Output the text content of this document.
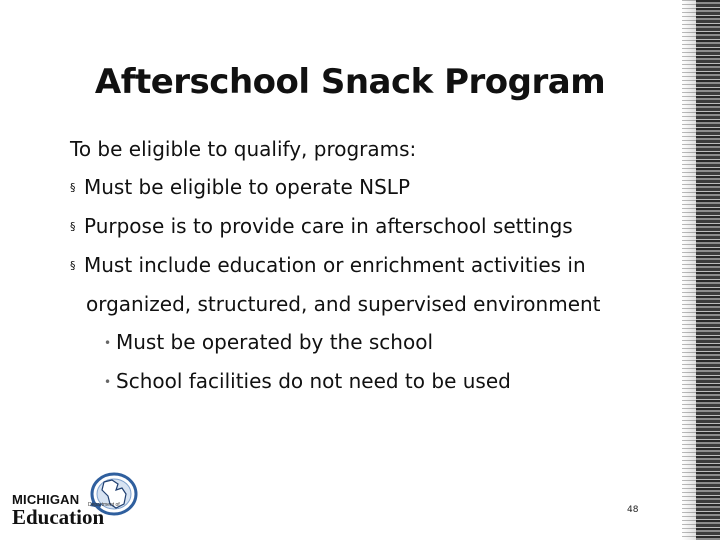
Afterschool Snack Program
To be eligible to qualify, programs:
§ Must be eligible to operate NSLP
§ Purpose is to provide care in afterschool settings
§ Must include education or enrichment activities in
organized, structured, and supervised environment
• Must be operated by the school
• School facilities do not need to be used
MICHIGAN Department of
Education	48
